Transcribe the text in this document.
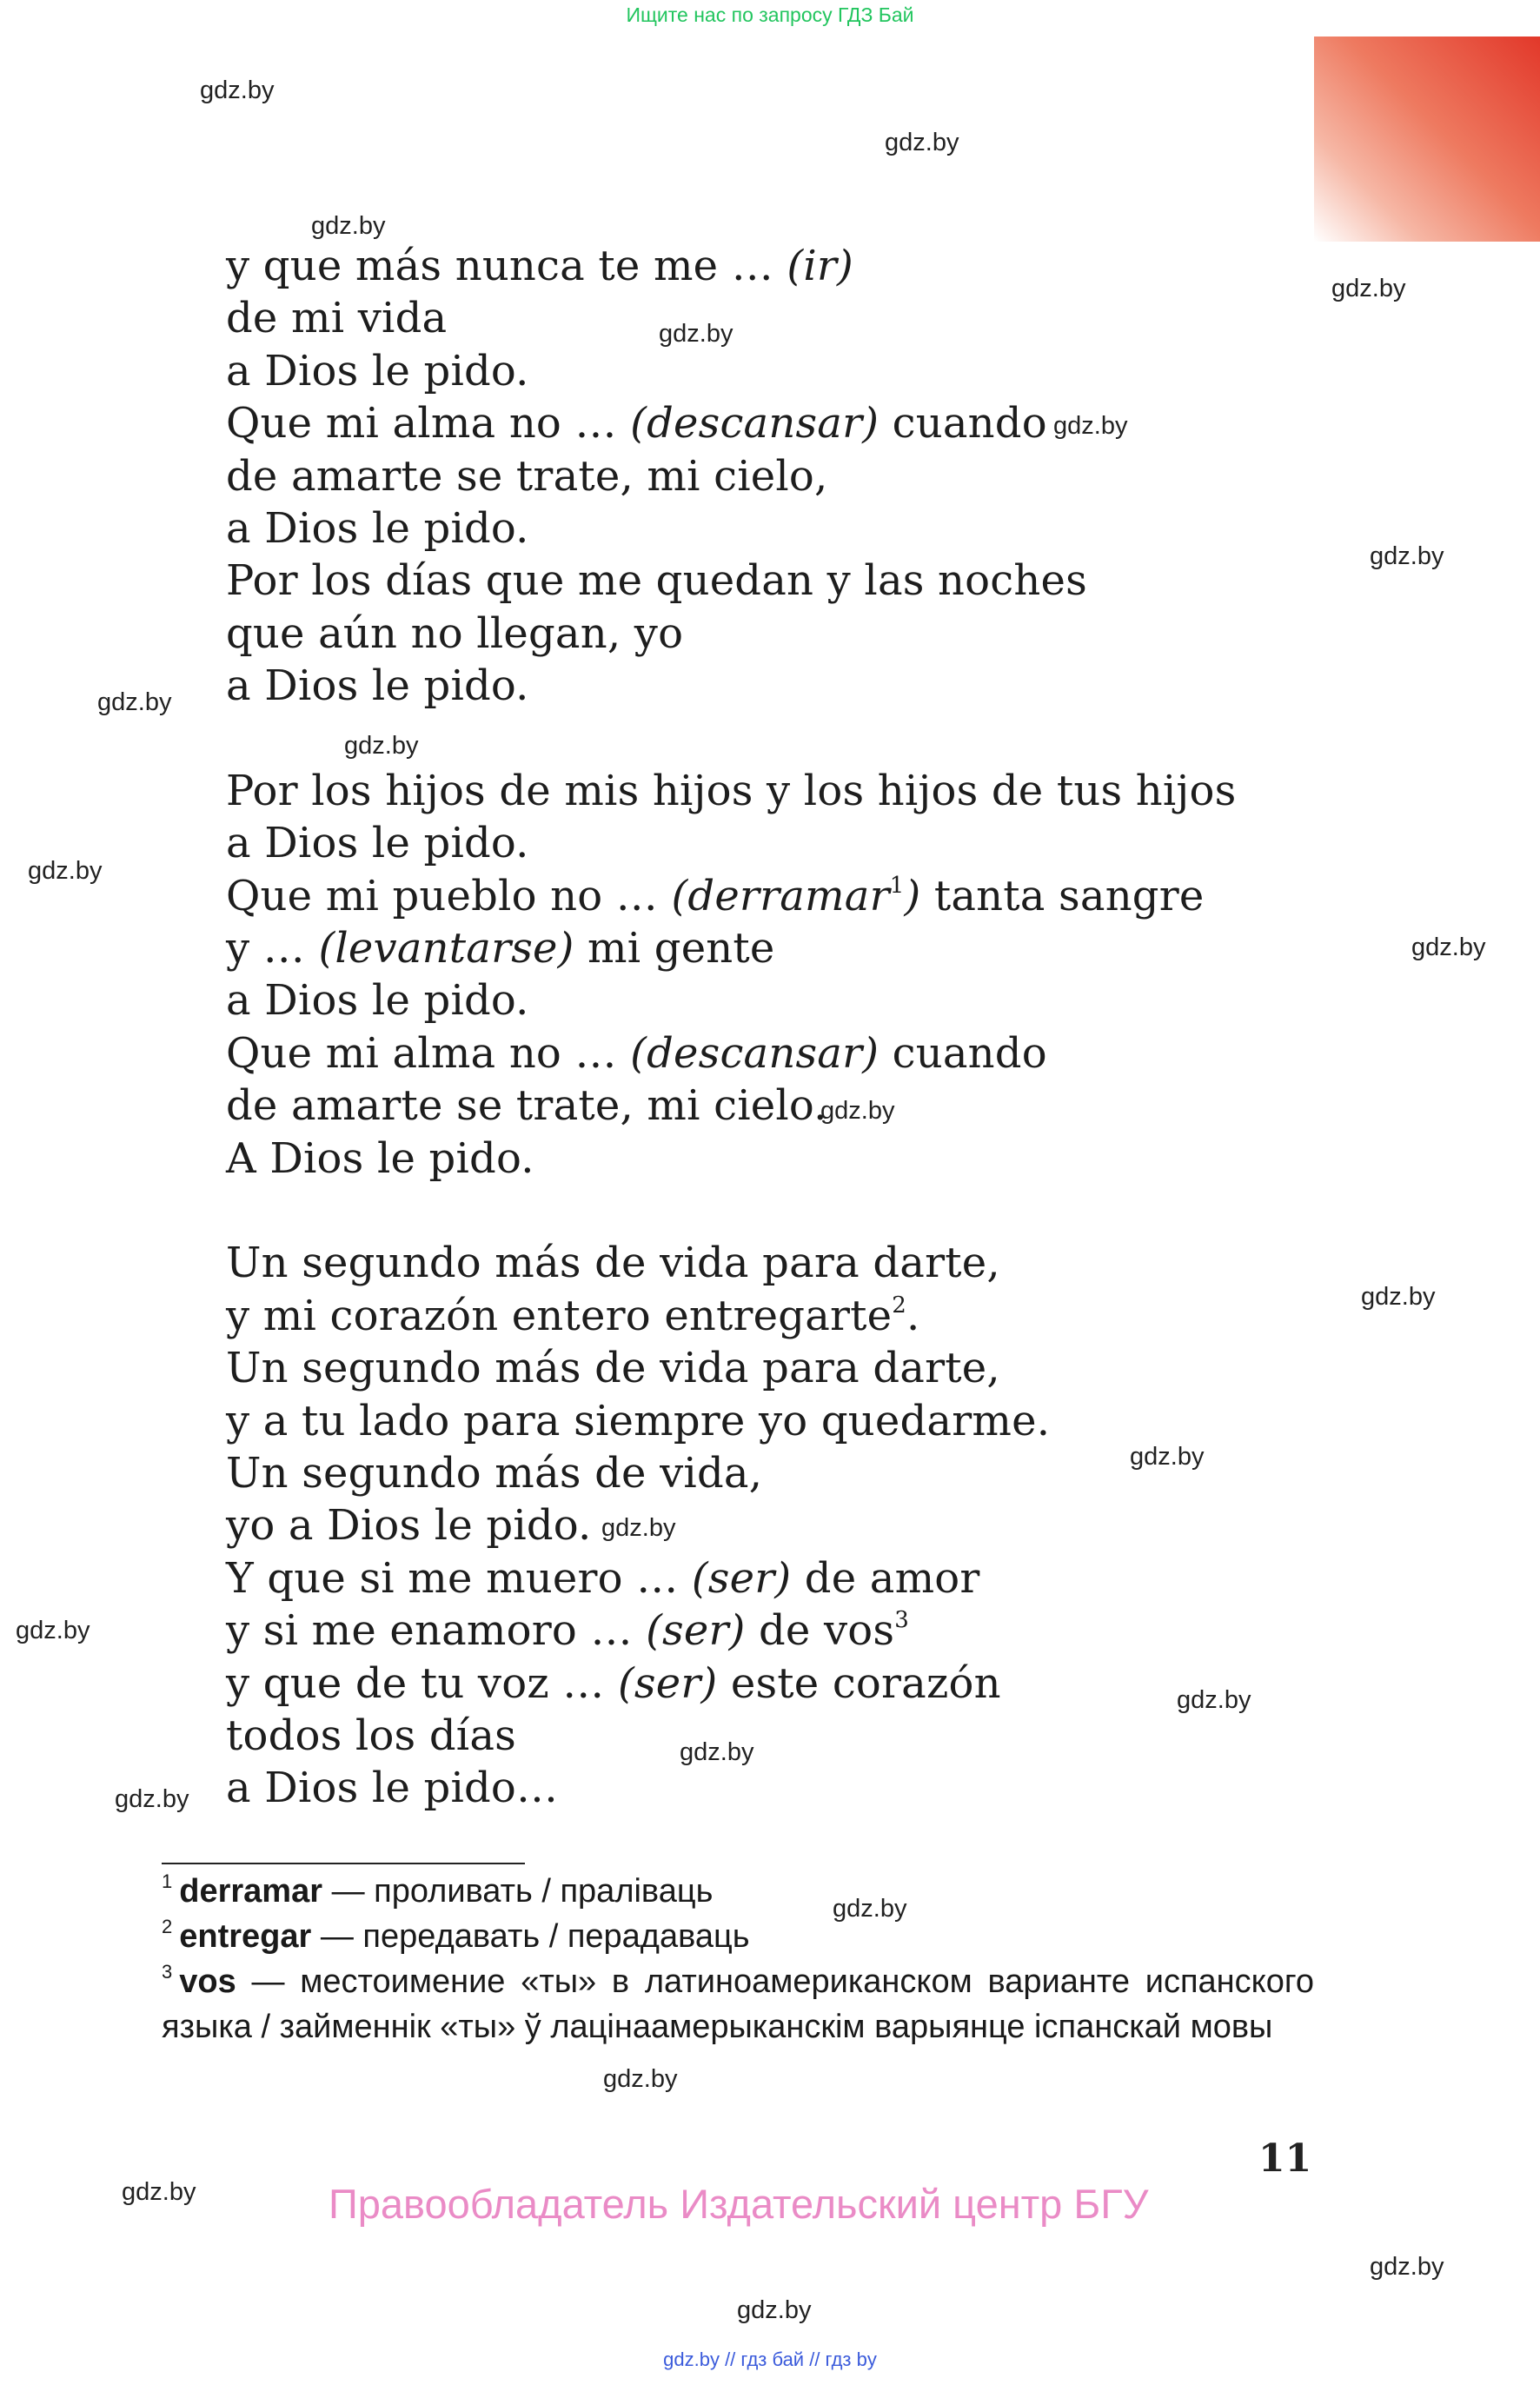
Ищите нас по запросу ГДЗ Бай
y que más nunca te me … (ir)
de mi vida
a Dios le pido.
Que mi alma no … (descansar) cuando
de amarte se trate, mi cielo,
a Dios le pido.
Por los días que me quedan y las noches
que aún no llegan, yo
a Dios le pido.
Por los hijos de mis hijos y los hijos de tus hijos
a Dios le pido.
Que mi pueblo no … (derramar$^1$) tanta sangre
y … (levantarse) mi gente
a Dios le pido.
Que mi alma no … (descansar) cuando
de amarte se trate, mi cielo.
A Dios le pido.
Un segundo más de vida para darte,
y mi corazón entero entregarte$^2$.
Un segundo más de vida para darte,
y a tu lado para siempre yo quedarme.
Un segundo más de vida,
yo a Dios le pido.
Y que si me muero … (ser) de amor
y si me enamoro … (ser) de vos$^3$
y que de tu voz … (ser) este corazón
todos los días
a Dios le pido…
$^1$ derramar — проливать / праліваць
$^2$ entregar — передавать / перадаваць
$^3$ vos — местоимение «ты» в латиноамериканском варианте испанского языка / займеннік «ты» ў лацінаамерыканскім варыянце іспанскай мовы
11
Правообладатель Издательский центр БГУ
gdz.by // гдз бай // гдз by
gdz.by
gdz.by
gdz.by
gdz.by
gdz.by
gdz.by
gdz.by
gdz.by
gdz.by
gdz.by
gdz.by
gdz.by
gdz.by
gdz.by
gdz.by
gdz.by
gdz.by
gdz.by
gdz.by
gdz.by
gdz.by
gdz.by
gdz.by
gdz.by
